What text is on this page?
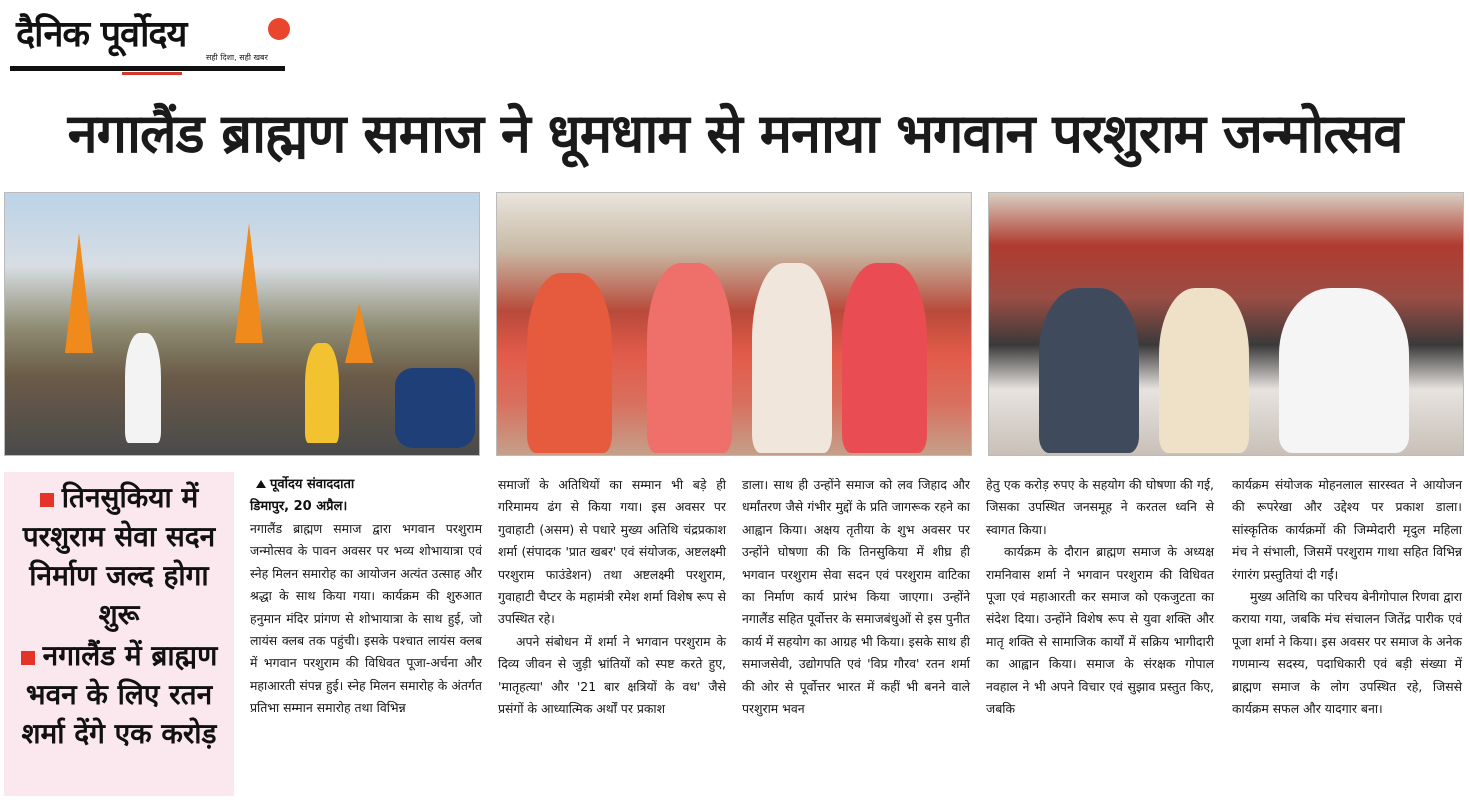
दैनिक पूर्वोदय
सही दिशा, सही खबर
नगालैंड ब्राह्मण समाज ने धूमधाम से मनाया भगवान परशुराम जन्मोत्सव
तिनसुकिया में परशुराम सेवा सदन निर्माण जल्द होगा शुरू
नगालैंड में ब्राह्मण भवन के लिए रतन शर्मा देंगे एक करोड़
पूर्वोदय संवाददाता
डिमापुर, 20 अप्रैल।

नगालैंड ब्राह्मण समाज द्वारा भगवान परशुराम जन्मोत्सव के पावन अवसर पर भव्य शोभायात्रा एवं स्नेह मिलन समारोह का आयोजन अत्यंत उत्साह और श्रद्धा के साथ किया गया। कार्यक्रम की शुरुआत हनुमान मंदिर प्रांगण से शोभायात्रा के साथ हुई, जो लायंस क्लब तक पहुंची। इसके पश्चात लायंस क्लब में भगवान परशुराम की विधिवत पूजा-अर्चना और महाआरती संपन्न हुई। स्नेह मिलन समारोह के अंतर्गत प्रतिभा सम्मान समारोह तथा विभिन्न

समाजों के अतिथियों का सम्मान भी बड़े ही गरिमामय ढंग से किया गया। इस अवसर पर गुवाहाटी (असम) से पधारे मुख्य अतिथि चंद्रप्रकाश शर्मा (संपादक 'प्रात खबर' एवं संयोजक, अष्टलक्ष्मी परशुराम फाउंडेशन) तथा अष्टलक्ष्मी परशुराम, गुवाहाटी चैप्टर के महामंत्री रमेश शर्मा विशेष रूप से उपस्थित रहे।

अपने संबोधन में शर्मा ने भगवान परशुराम के दिव्य जीवन से जुड़ी भ्रांतियों को स्पष्ट करते हुए, 'मातृहत्या' और '21 बार क्षत्रियों के वध' जैसे प्रसंगों के आध्यात्मिक अर्थों पर प्रकाश

डाला। साथ ही उन्होंने समाज को लव जिहाद और धर्मांतरण जैसे गंभीर मुद्दों के प्रति जागरूक रहने का आह्वान किया। अक्षय तृतीया के शुभ अवसर पर उन्होंने घोषणा की कि तिनसुकिया में शीघ्र ही भगवान परशुराम सेवा सदन एवं परशुराम वाटिका का निर्माण कार्य प्रारंभ किया जाएगा। उन्होंने नगालैंड सहित पूर्वोत्तर के समाजबंधुओं से इस पुनीत कार्य में सहयोग का आग्रह भी किया। इसके साथ ही समाजसेवी, उद्योगपति एवं 'विप्र गौरव' रतन शर्मा की ओर से पूर्वोत्तर भारत में कहीं भी बनने वाले परशुराम भवन

हेतु एक करोड़ रुपए के सहयोग की घोषणा की गई, जिसका उपस्थित जनसमूह ने करतल ध्वनि से स्वागत किया।

कार्यक्रम के दौरान ब्राह्मण समाज के अध्यक्ष रामनिवास शर्मा ने भगवान परशुराम की विधिवत पूजा एवं महाआरती कर समाज को एकजुटता का संदेश दिया। उन्होंने विशेष रूप से युवा शक्ति और मातृ शक्ति से सामाजिक कार्यों में सक्रिय भागीदारी का आह्वान किया। समाज के संरक्षक गोपाल नवहाल ने भी अपने विचार एवं सुझाव प्रस्तुत किए, जबकि

कार्यक्रम संयोजक मोहनलाल सारस्वत ने आयोजन की रूपरेखा और उद्देश्य पर प्रकाश डाला। सांस्कृतिक कार्यक्रमों की जिम्मेदारी मृदुल महिला मंच ने संभाली, जिसमें परशुराम गाथा सहित विभिन्न रंगारंग प्रस्तुतियां दी गईं।

मुख्य अतिथि का परिचय बेनीगोपाल रिणवा द्वारा कराया गया, जबकि मंच संचालन जितेंद्र पारीक एवं पूजा शर्मा ने किया। इस अवसर पर समाज के अनेक गणमान्य सदस्य, पदाधिकारी एवं बड़ी संख्या में ब्राह्मण समाज के लोग उपस्थित रहे, जिससे कार्यक्रम सफल और यादगार बना।
